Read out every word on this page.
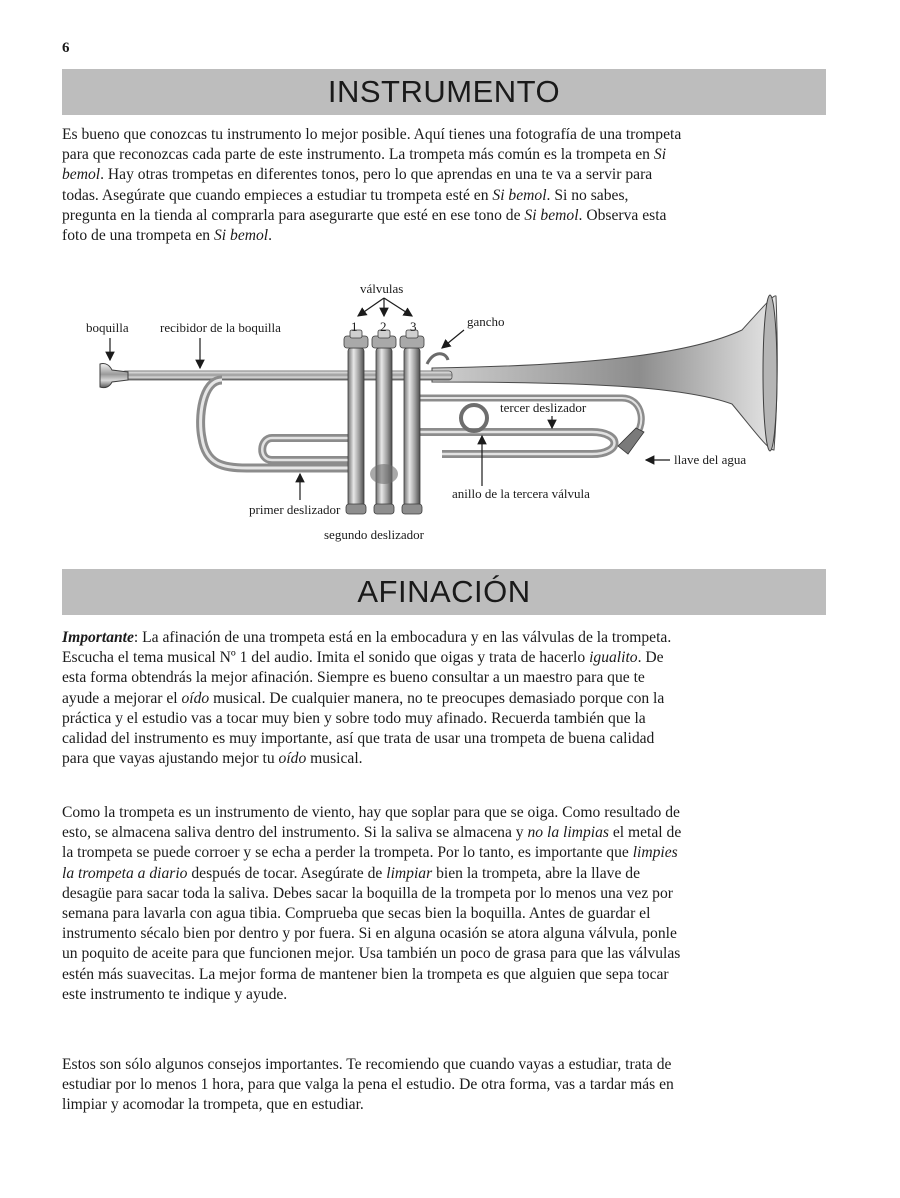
6
INSTRUMENTO

Es bueno que conozcas tu instrumento lo mejor posible. Aquí tienes una fotografía de una trompeta para que reconozcas cada parte de este instrumento. La trompeta más común es la trompeta en Si bemol. Hay otras trompetas en diferentes tonos, pero lo que aprendas en una te va a servir para todas. Asegúrate que cuando empieces a estudiar tu trompeta esté en Si bemol. Si no sabes, pregunta en la tienda al comprarla para asegurarte que esté en ese tono de Si bemol. Observa esta foto de una trompeta en Si bemol.

válvulas
1 2 3
boquilla recibidor de la boquilla	gancho
tercer deslizador
llave del agua
anillo de la tercera válvula
primer deslizador
segundo deslizador
AFINACIÓN

Importante: La afinación de una trompeta está en la embocadura y en las válvulas de la trompeta. Escucha el tema musical Nº 1 del audio. Imita el sonido que oigas y trata de hacerlo igualito. De esta forma obtendrás la mejor afinación. Siempre es bueno consultar a un maestro para que te ayude a mejorar el oído musical. De cualquier manera, no te preocupes demasiado porque con la práctica y el estudio vas a tocar muy bien y sobre todo muy afinado. Recuerda también que la calidad del instrumento es muy importante, así que trata de usar una trompeta de buena calidad para que vayas ajustando mejor tu oído musical.

Como la trompeta es un instrumento de viento, hay que soplar para que se oiga. Como resultado de esto, se almacena saliva dentro del instrumento. Si la saliva se almacena y no la limpias el metal de la trompeta se puede corroer y se echa a perder la trompeta. Por lo tanto, es importante que limpies la trompeta a diario después de tocar. Asegúrate de limpiar bien la trompeta, abre la llave de desagüe para sacar toda la saliva. Debes sacar la boquilla de la trompeta por lo menos una vez por semana para lavarla con agua tibia. Comprueba que secas bien la boquilla. Antes de guardar el instrumento sécalo bien por dentro y por fuera. Si en alguna ocasión se atora alguna válvula, ponle un poquito de aceite para que funcionen mejor. Usa también un poco de grasa para que las válvulas estén más suavecitas. La mejor forma de mantener bien la trompeta es que alguien que sepa tocar este instrumento te indique y ayude.

Estos son sólo algunos consejos importantes. Te recomiendo que cuando vayas a estudiar, trata de estudiar por lo menos 1 hora, para que valga la pena el estudio. De otra forma, vas a tardar más en limpiar y acomodar la trompeta, que en estudiar.
